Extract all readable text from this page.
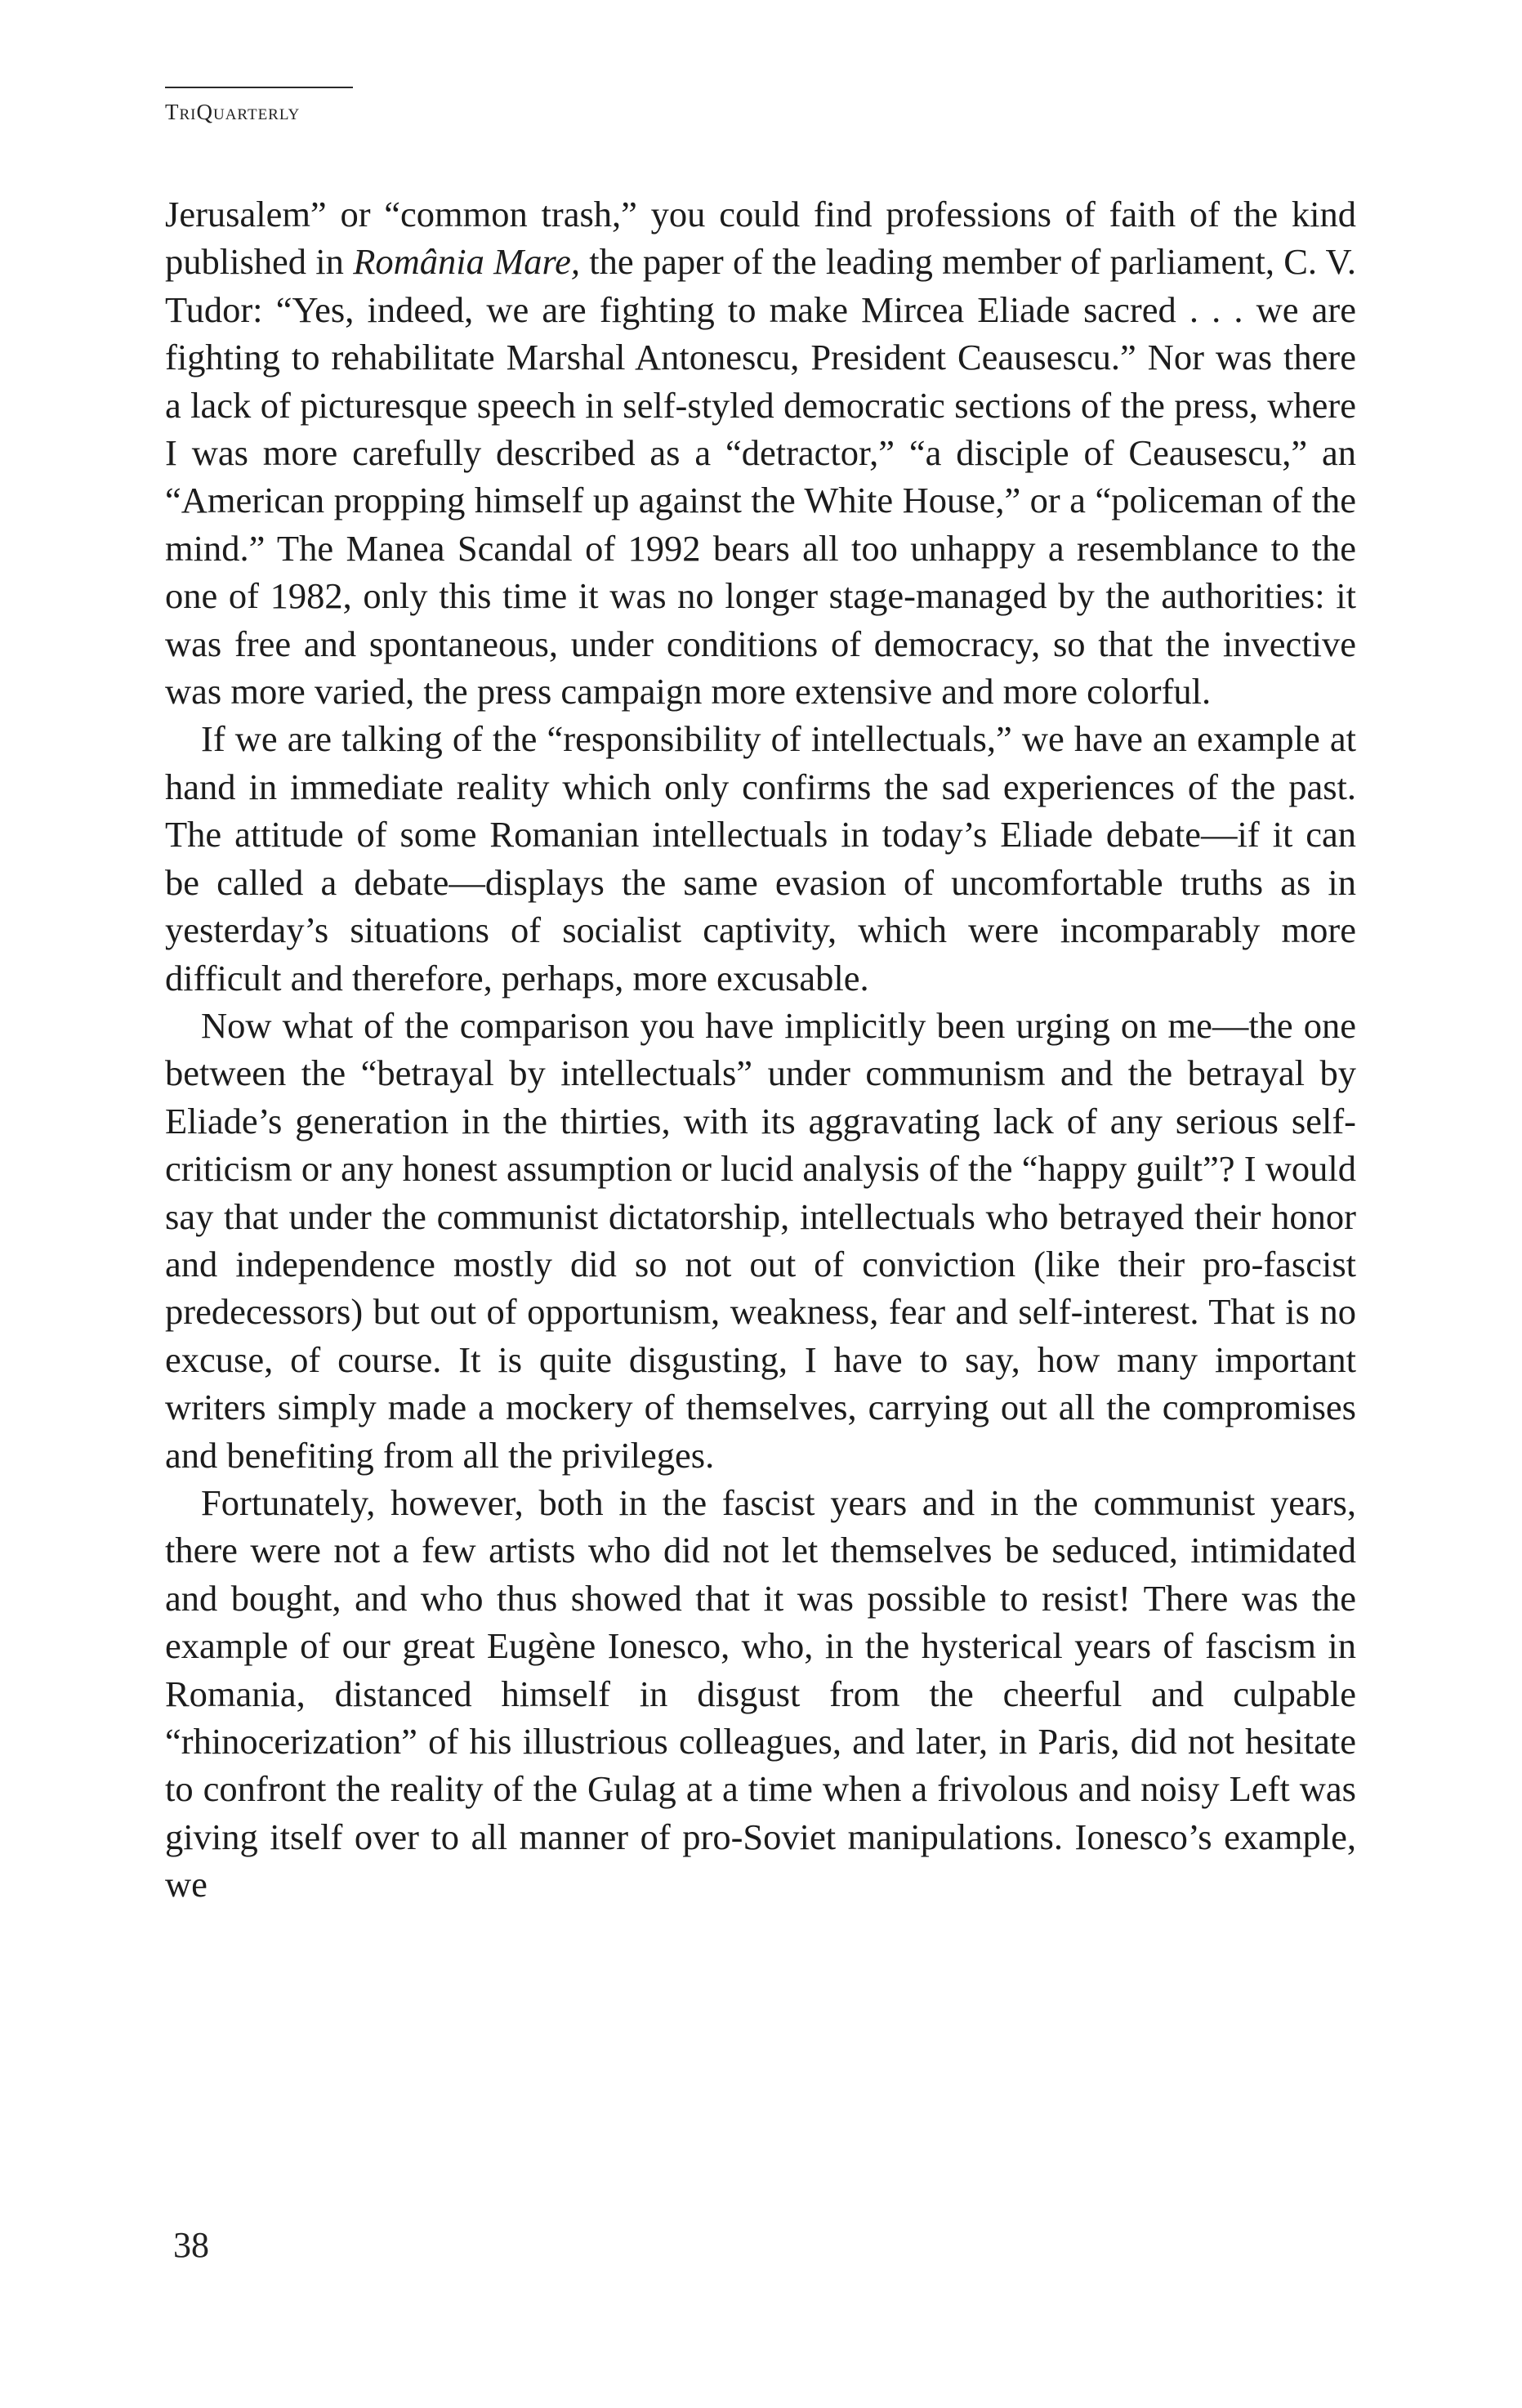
TriQuarterly

Jerusalem” or “common trash,” you could find professions of faith of the kind published in România Mare, the paper of the leading member of parliament, C. V. Tudor: “Yes, indeed, we are fighting to make Mircea Eliade sacred . . . we are fighting to rehabilitate Marshal Antonescu, President Ceausescu.” Nor was there a lack of picturesque speech in self-styled democratic sections of the press, where I was more carefully described as a “detractor,” “a disciple of Ceausescu,” an “American propping himself up against the White House,” or a “policeman of the mind.” The Manea Scandal of 1992 bears all too unhappy a resemblance to the one of 1982, only this time it was no longer stage-managed by the authorities: it was free and spontaneous, under conditions of democracy, so that the invective was more varied, the press campaign more extensive and more colorful.

If we are talking of the “responsibility of intellectuals,” we have an example at hand in immediate reality which only confirms the sad experiences of the past. The attitude of some Romanian intellectuals in today’s Eliade debate—if it can be called a debate—displays the same evasion of uncomfortable truths as in yesterday’s situations of socialist captivity, which were incomparably more difficult and therefore, perhaps, more excusable.

Now what of the comparison you have implicitly been urging on me—the one between the “betrayal by intellectuals” under communism and the betrayal by Eliade’s generation in the thirties, with its aggravating lack of any serious self-criticism or any honest assumption or lucid analysis of the “happy guilt”? I would say that under the communist dictatorship, intellectuals who betrayed their honor and independence mostly did so not out of conviction (like their pro-fascist predecessors) but out of opportunism, weakness, fear and self-interest. That is no excuse, of course. It is quite disgusting, I have to say, how many important writers simply made a mockery of themselves, carrying out all the compromises and benefiting from all the privileges.

Fortunately, however, both in the fascist years and in the communist years, there were not a few artists who did not let themselves be seduced, intimidated and bought, and who thus showed that it was possible to resist! There was the example of our great Eugène Ionesco, who, in the hysterical years of fascism in Romania, distanced himself in disgust from the cheerful and culpable “rhinocerization” of his illustrious colleagues, and later, in Paris, did not hesitate to confront the reality of the Gulag at a time when a frivolous and noisy Left was giving itself over to all manner of pro-Soviet manipulations. Ionesco’s example, we

38
